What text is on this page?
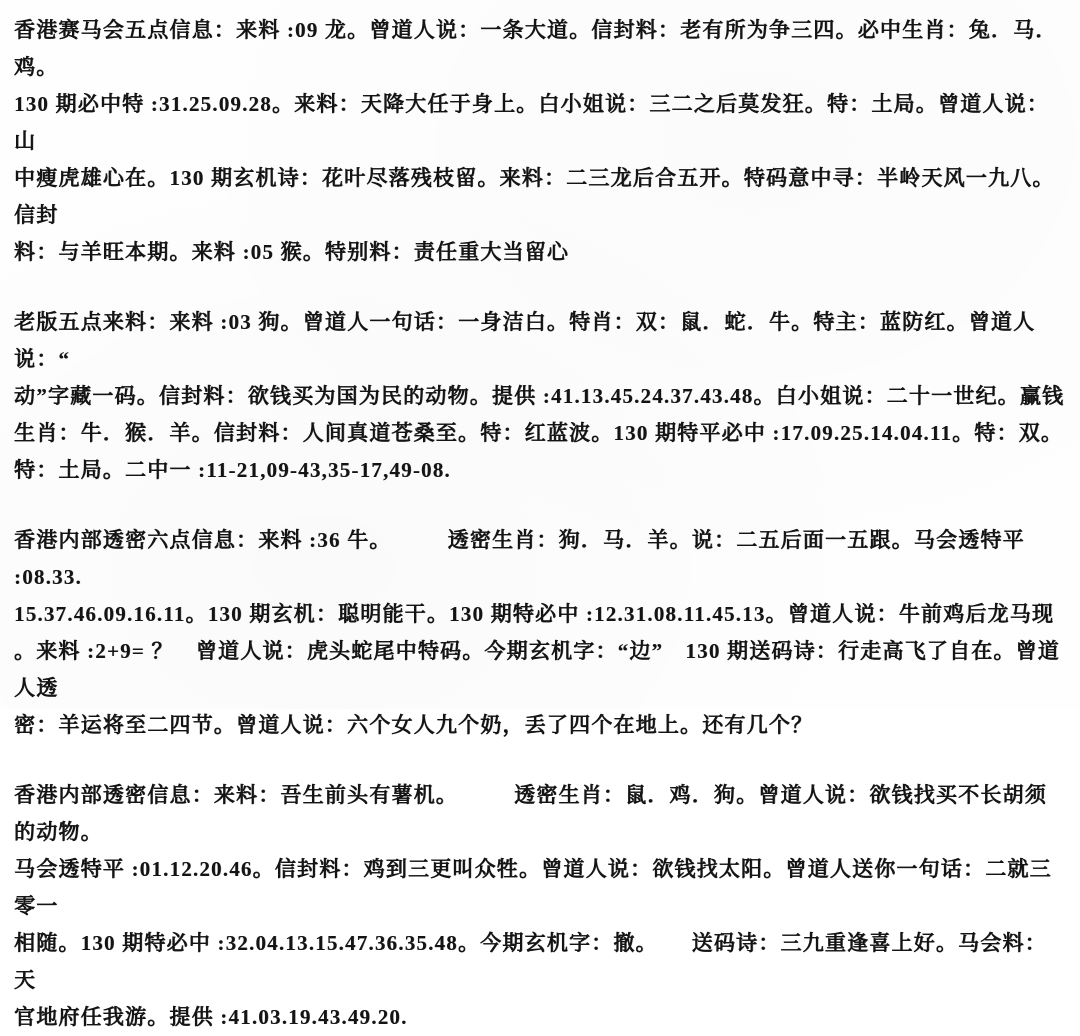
香港赛马会五点信息：来料 :09 龙。曾道人说：一条大道。信封料：老有所为争三四。必中生肖：兔．马．鸡。
130 期必中特 :31.25.09.28。来料：天降大任于身上。白小姐说：三二之后莫发狂。特：土局。曾道人说：山
中瘦虎雄心在。130 期玄机诗：花叶尽落残枝留。来料：二三龙后合五开。特码意中寻：半岭天风一九八。信封
料：与羊旺本期。来料 :05 猴。特别料：责任重大当留心
老版五点来料：来料 :03 狗。曾道人一句话：一身洁白。特肖：双：鼠．蛇．牛。特主：蓝防红。曾道人说：“
动”字藏一码。信封料：欲钱买为国为民的动物。提供 :41.13.45.24.37.43.48。白小姐说：二十一世纪。赢钱
生肖：牛．猴．羊。信封料：人间真道苍桑至。特：红蓝波。130 期特平必中 :17.09.25.14.04.11。特：双。
特：土局。二中一 :11-21,09-43,35-17,49-08.
香港内部透密六点信息：来料 :36 牛。　　　透密生肖：狗．马．羊。说：二五后面一五跟。马会透特平 :08.33.
15.37.46.09.16.11。130 期玄机：聪明能干。130 期特必中 :12.31.08.11.45.13。曾道人说：牛前鸡后龙马现
。来料 :2+9= ？　曾道人说：虎头蛇尾中特码。今期玄机字：“边”　130 期送码诗：行走高飞了自在。曾道人透
密：羊运将至二四节。曾道人说：六个女人九个奶，丢了四个在地上。还有几个？
香港内部透密信息：来料：吾生前头有薯机。　　　透密生肖：鼠．鸡．狗。曾道人说：欲钱找买不长胡须的动物。
马会透特平 :01.12.20.46。信封料：鸡到三更叫众牲。曾道人说：欲钱找太阳。曾道人送你一句话：二就三零一
相随。130 期特必中 :32.04.13.15.47.36.35.48。今期玄机字：撤。　　送码诗：三九重逢喜上好。马会料：天
官地府任我游。提供 :41.03.19.43.49.20.
